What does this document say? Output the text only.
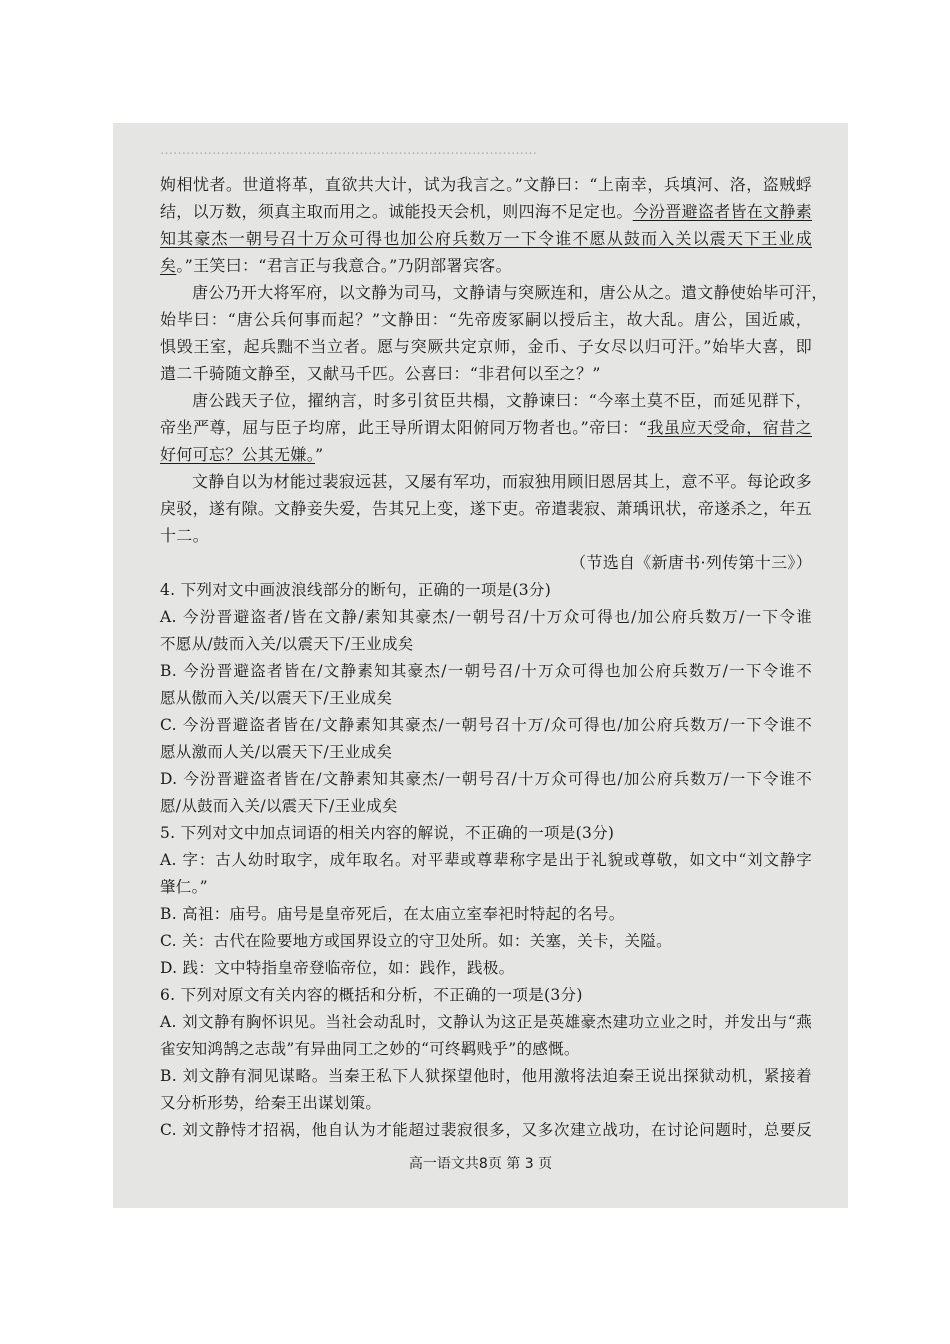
……………………………………………………………………………
姁相忧者。世道将革，直欲共大计，试为我言之。”文静曰：“上南幸，兵填河、洛，盗贼蜉
结，以万数，须真主取而用之。诚能投天会机，则四海不足定也。今汾晋避盗者皆在文静素
知其豪杰一朝号召十万众可得也加公府兵数万一下令谁不愿从鼓而入关以震天下王业成
矣。”王笑曰：“君言正与我意合。”乃阴部署宾客。
唐公乃开大将军府，以文静为司马，文静请与突厥连和，唐公从之。遣文静使始毕可汗，
始毕曰：“唐公兵何事而起？”文静田：“先帝废冢嗣以授后主，故大乱。唐公，国近戚，
惧毁王室，起兵黜不当立者。愿与突厥共定京师，金币、子女尽以归可汗。”始毕大喜，即
遣二千骑随文静至，又献马千匹。公喜曰：“非君何以至之？”
唐公践天子位，擢纳言，时多引贫臣共榻，文静谏曰：“今率土莫不臣，而延见群下，
帝坐严尊，屈与臣子均席，此王导所谓太阳俯同万物者也。”帝曰：“我虽应天受命，宿昔之
好何可忘？公其无嫌。”
文静自以为材能过裴寂远甚，又屡有军功，而寂独用顾旧恩居其上，意不平。每论政多
戾驳，遂有隙。文静妾失爱，告其兄上变，遂下吏。帝遣裴寂、萧瑀讯状，帝遂杀之，年五
十二。
（节选自《新唐书·列传第十三》）
4. 下列对文中画波浪线部分的断句，正确的一项是(3分)
A. 今汾晋避盗者/皆在文静/素知其豪杰/一朝号召/十万众可得也/加公府兵数万/一下令谁
不愿从/鼓而入关/以震天下/王业成矣
B. 今汾晋避盗者皆在/文静素知其豪杰/一朝号召/十万众可得也加公府兵数万/一下令谁不
愿从傲而入关/以震天下/王业成矣
C. 今汾晋避盗者皆在/文静素知其豪杰/一朝号召十万/众可得也/加公府兵数万/一下令谁不
愿从激而人关/以震天下/王业成矣
D. 今汾晋避盗者皆在/文静素知其豪杰/一朝号召/十万众可得也/加公府兵数万/一下令谁不
愿/从鼓而入关/以震天下/王业成矣
5. 下列对文中加点词语的相关内容的解说，不正确的一项是(3分)
A. 字：古人幼时取字，成年取名。对平辈或尊辈称字是出于礼貌或尊敬，如文中“刘文静字
肇仁。”
B. 高祖：庙号。庙号是皇帝死后，在太庙立室奉祀时特起的名号。
C. 关：古代在险要地方或国界设立的守卫处所。如：关塞，关卡，关隘。
D. 践：文中特指皇帝登临帝位，如：践作，践极。
6. 下列对原文有关内容的概括和分析，不正确的一项是(3分)
A. 刘文静有胸怀识见。当社会动乱时，文静认为这正是英雄豪杰建功立业之时，并发出与“燕
雀安知鸿鹄之志哉”有异曲同工之妙的“可终羁贱乎”的感慨。
B. 刘文静有洞见谋略。当秦王私下人狱探望他时，他用激将法迫秦王说出探狱动机，紧接着
又分析形势，给秦王出谋划策。
C. 刘文静恃才招祸，他自认为才能超过裴寂很多，又多次建立战功，在讨论问题时，总要反
高一语文共8页 第 3 页
